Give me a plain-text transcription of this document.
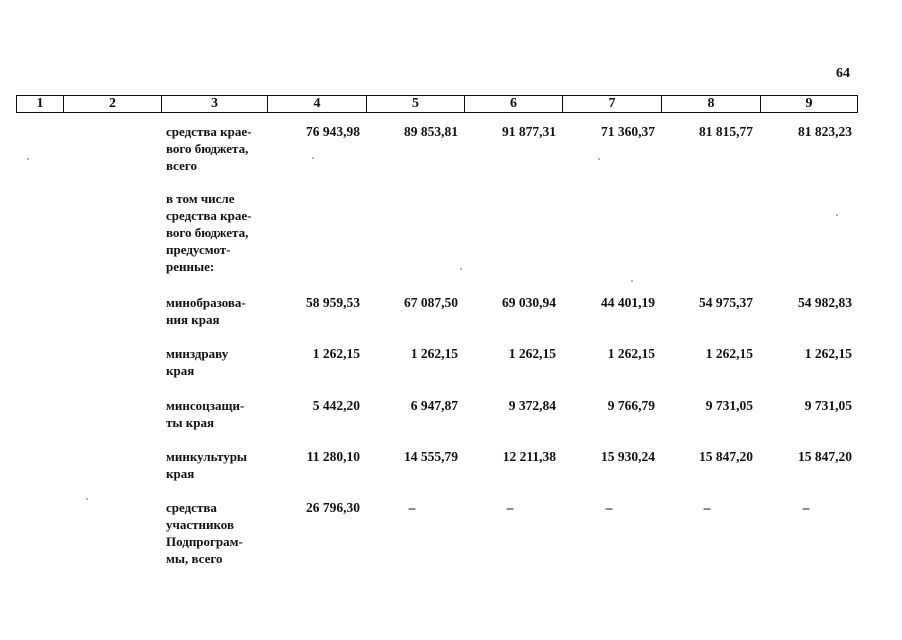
64
1	2	3	4	5	6	7	8	9
средства крае-
вого бюджета,
всего
76 943,98	89 853,81	91 877,31	71 360,37	81 815,77	81 823,23
в том числе
средства крае-
вого бюджета,
предусмот-
ренные:
минобразова-
ния края
58 959,53	67 087,50	69 030,94	44 401,19	54 975,37	54 982,83
минздраву
края
1 262,15	1 262,15	1 262,15	1 262,15	1 262,15	1 262,15
минсоцзащи-
ты края
5 442,20	6 947,87	9 372,84	9 766,79	9 731,05	9 731,05
минкультуры
края
11 280,10	14 555,79	12 211,38	15 930,24	15 847,20	15 847,20
средства
участников
Подпрограм-
мы, всего
26 796,30	–	–	–	–	–
